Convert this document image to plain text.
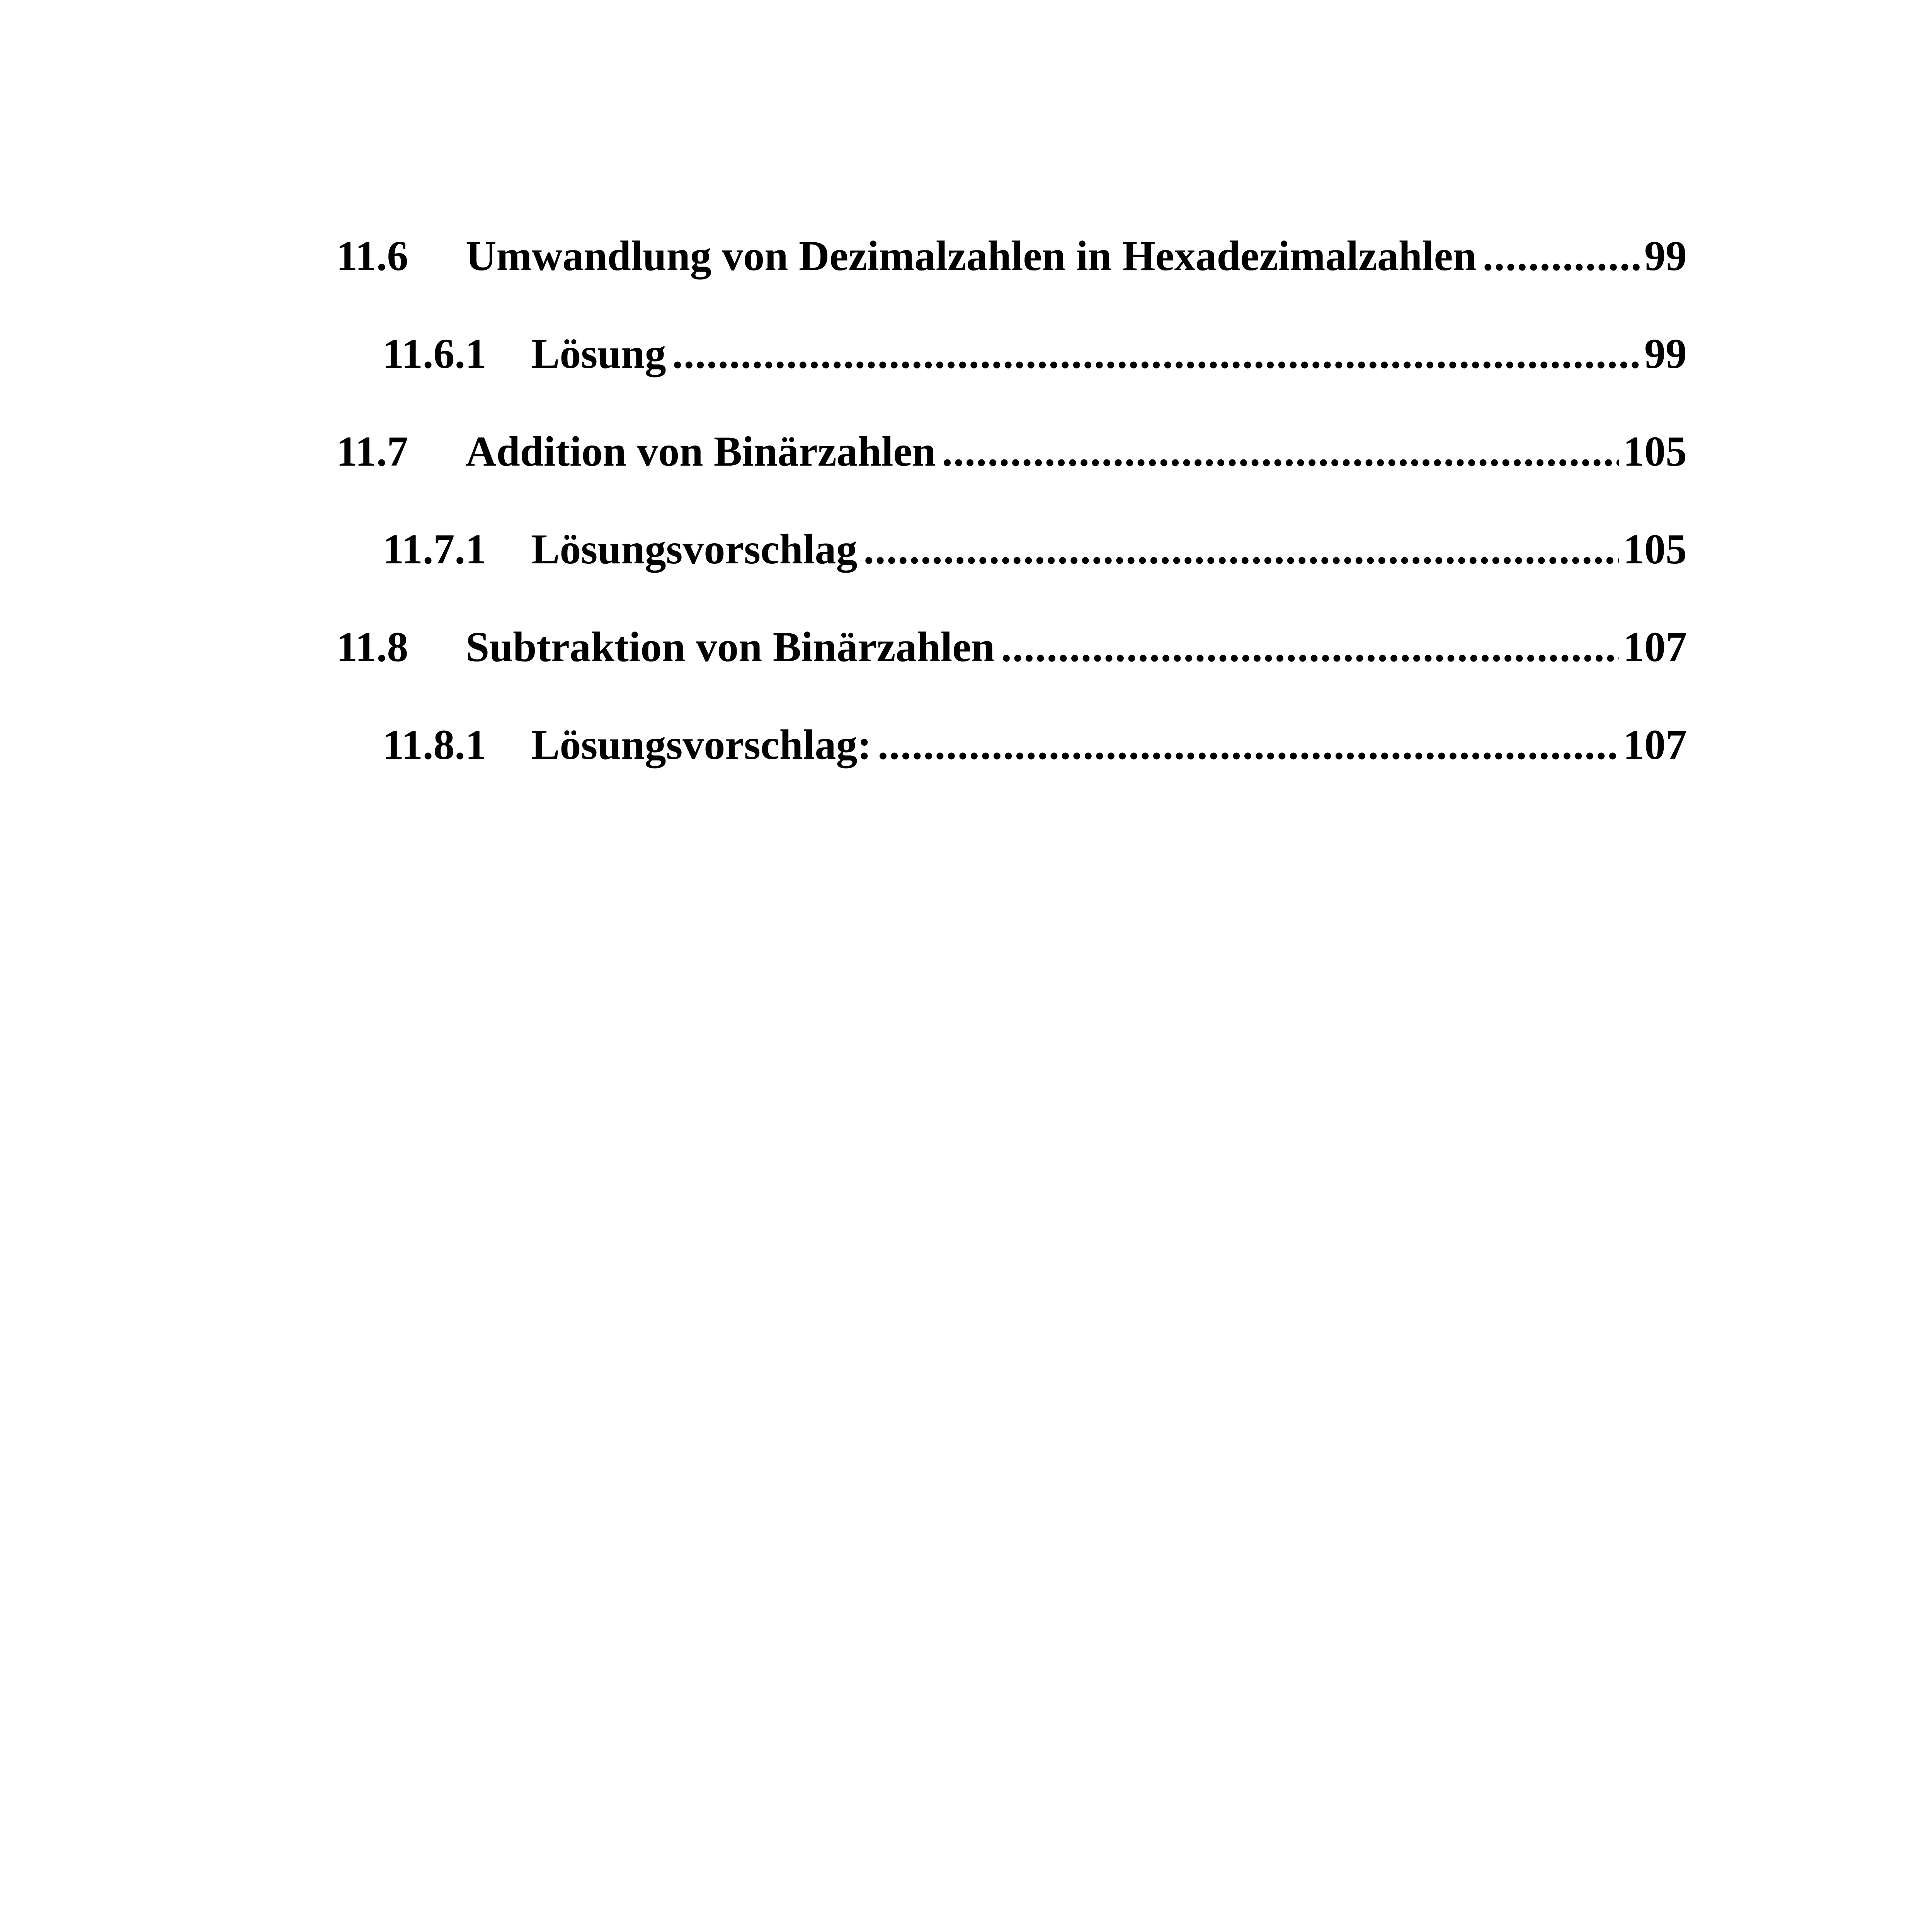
11.6 Umwandlung von Dezimalzahlen in Hexadezimalzahlen .....	99
11.6.1 Lösung .....	99
11.7 Addition von Binärzahlen .....	105
11.7.1 Lösungsvorschlag .....	105
11.8 Subtraktion von Binärzahlen .....	107
11.8.1 Lösungsvorschlag: .....	107
